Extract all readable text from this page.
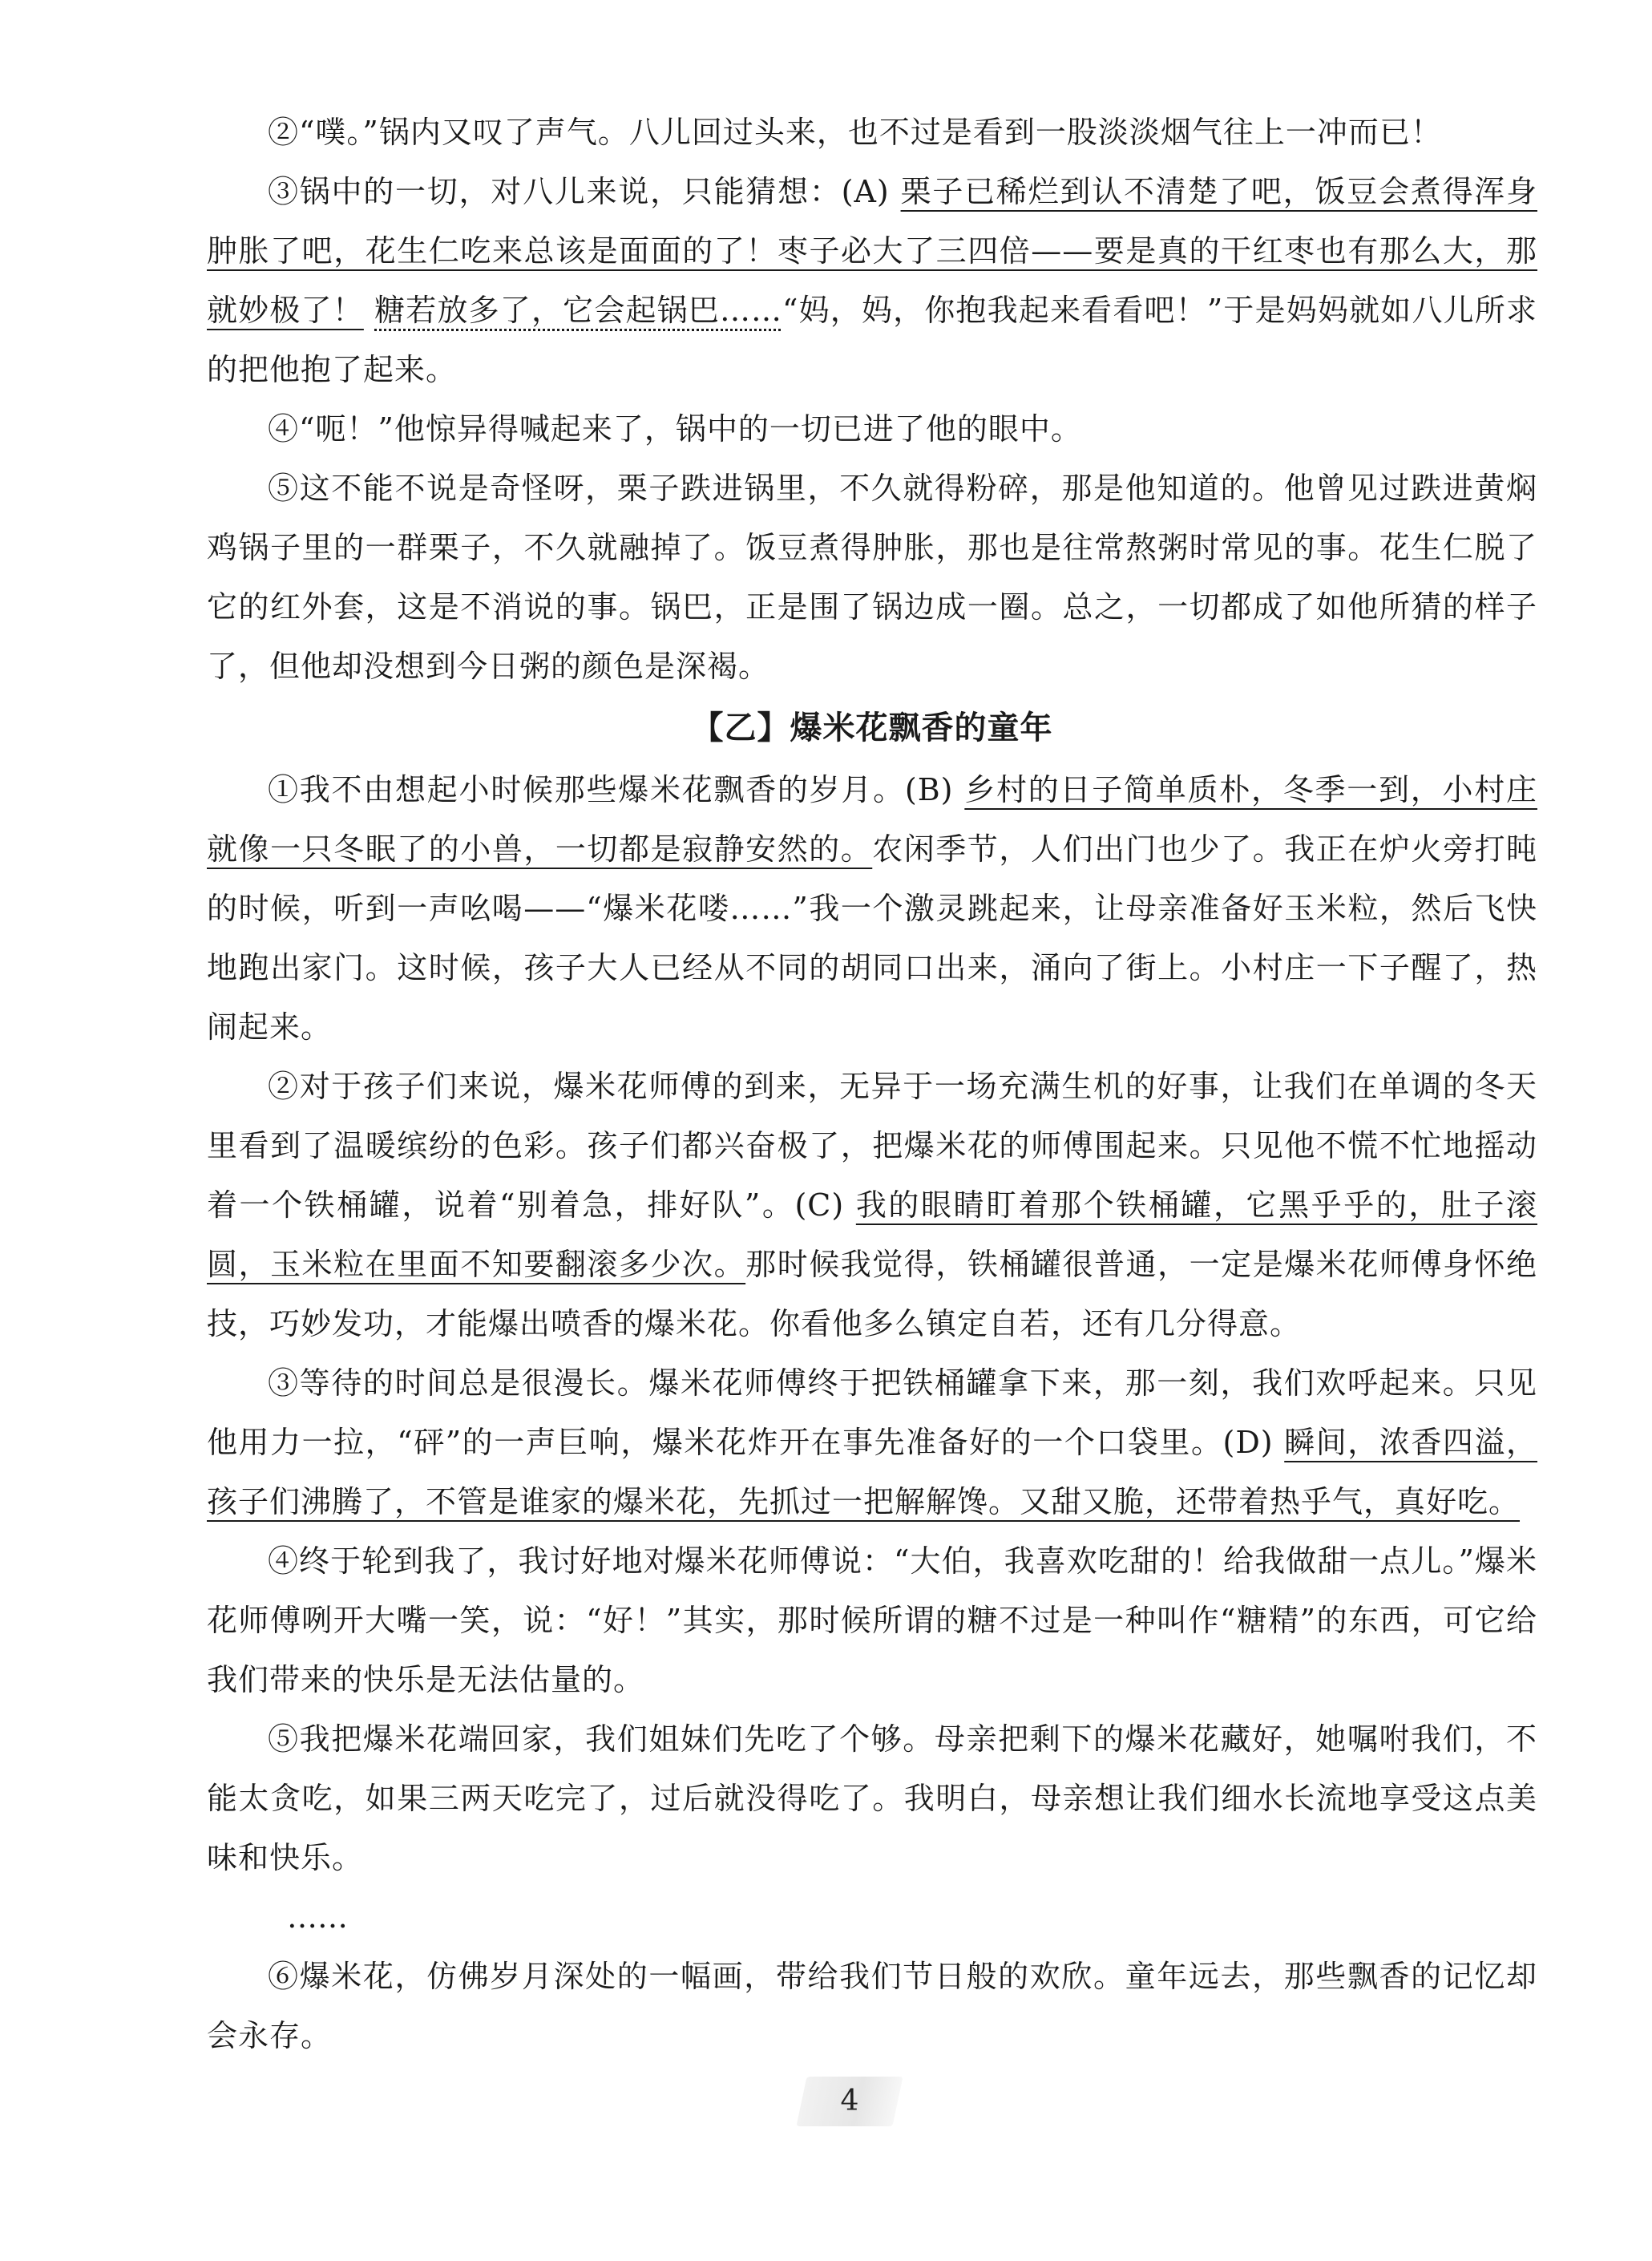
②“噗。”锅内又叹了声气。八儿回过头来，也不过是看到一股淡淡烟气往上一冲而已！

③锅中的一切，对八儿来说，只能猜想：(A) 栗子已稀烂到认不清楚了吧，饭豆会煮得浑身肿胀了吧，花生仁吃来总该是面面的了！枣子必大了三四倍——要是真的干红枣也有那么大，那就妙极了！ 糖若放多了，它会起锅巴……“妈，妈，你抱我起来看看吧！”于是妈妈就如八儿所求的把他抱了起来。

④“呃！”他惊异得喊起来了，锅中的一切已进了他的眼中。

⑤这不能不说是奇怪呀，栗子跌进锅里，不久就得粉碎，那是他知道的。他曾见过跌进黄焖鸡锅子里的一群栗子，不久就融掉了。饭豆煮得肿胀，那也是往常熬粥时常见的事。花生仁脱了它的红外套，这是不消说的事。锅巴，正是围了锅边成一圈。总之，一切都成了如他所猜的样子了，但他却没想到今日粥的颜色是深褐。

【乙】爆米花飘香的童年

①我不由想起小时候那些爆米花飘香的岁月。(B) 乡村的日子简单质朴，冬季一到，小村庄就像一只冬眠了的小兽，一切都是寂静安然的。农闲季节，人们出门也少了。我正在炉火旁打盹的时候，听到一声吆喝——“爆米花喽……”我一个激灵跳起来，让母亲准备好玉米粒，然后飞快地跑出家门。这时候，孩子大人已经从不同的胡同口出来，涌向了街上。小村庄一下子醒了，热闹起来。

②对于孩子们来说，爆米花师傅的到来，无异于一场充满生机的好事，让我们在单调的冬天里看到了温暖缤纷的色彩。孩子们都兴奋极了，把爆米花的师傅围起来。只见他不慌不忙地摇动着一个铁桶罐，说着“别着急，排好队”。(C) 我的眼睛盯着那个铁桶罐，它黑乎乎的，肚子滚圆，玉米粒在里面不知要翻滚多少次。那时候我觉得，铁桶罐很普通，一定是爆米花师傅身怀绝技，巧妙发功，才能爆出喷香的爆米花。你看他多么镇定自若，还有几分得意。

③等待的时间总是很漫长。爆米花师傅终于把铁桶罐拿下来，那一刻，我们欢呼起来。只见他用力一拉，“砰”的一声巨响，爆米花炸开在事先准备好的一个口袋里。(D) 瞬间，浓香四溢，孩子们沸腾了，不管是谁家的爆米花，先抓过一把解解馋。又甜又脆，还带着热乎气，真好吃。

④终于轮到我了，我讨好地对爆米花师傅说：“大伯，我喜欢吃甜的！给我做甜一点儿。”爆米花师傅咧开大嘴一笑，说：“好！”其实，那时候所谓的糖不过是一种叫作“糖精”的东西，可它给我们带来的快乐是无法估量的。

⑤我把爆米花端回家，我们姐妹们先吃了个够。母亲把剩下的爆米花藏好，她嘱咐我们，不能太贪吃，如果三两天吃完了，过后就没得吃了。我明白，母亲想让我们细水长流地享受这点美味和快乐。

……

⑥爆米花，仿佛岁月深处的一幅画，带给我们节日般的欢欣。童年远去，那些飘香的记忆却会永存。

4
